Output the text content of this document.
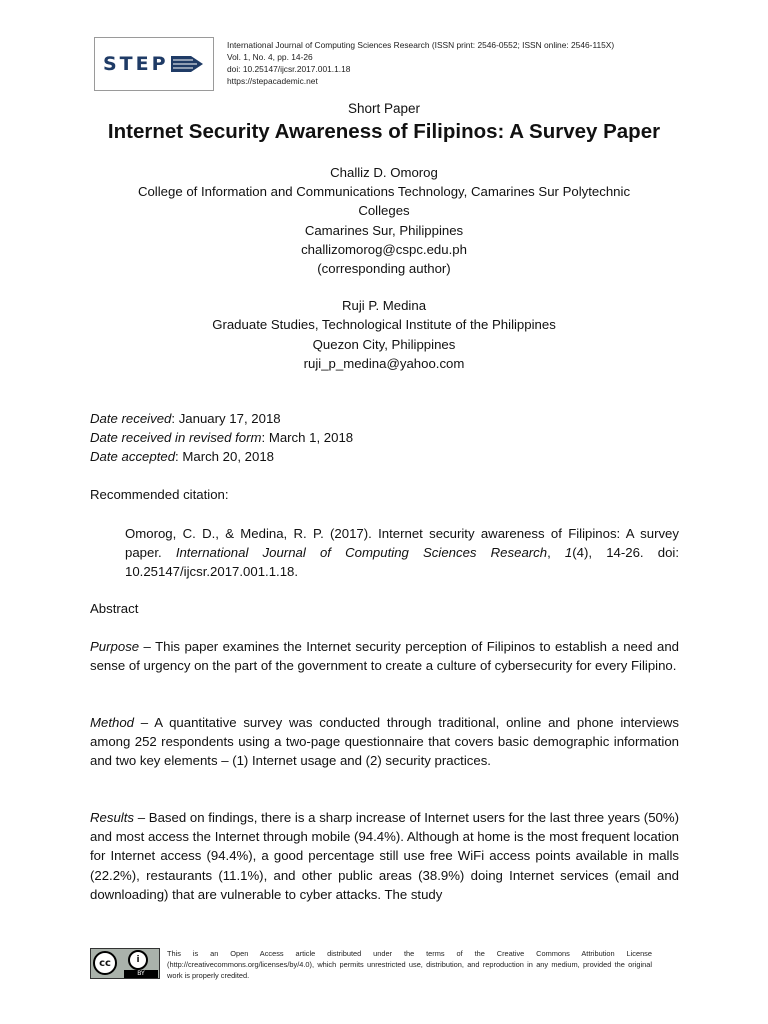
STEP
International Journal of Computing Sciences Research (ISSN print: 2546-0552; ISSN online: 2546-115X)
Vol. 1, No. 4, pp. 14-26
doi: 10.25147/ijcsr.2017.001.1.18
https://stepacademic.net
Short Paper
Internet Security Awareness of Filipinos: A Survey Paper
Challiz D. Omorog
College of Information and Communications Technology, Camarines Sur Polytechnic
Colleges
Camarines Sur, Philippines
challizomorog@cspc.edu.ph
(corresponding author)
Ruji P. Medina
Graduate Studies, Technological Institute of the Philippines
Quezon City, Philippines
ruji_p_medina@yahoo.com
Date received: January 17, 2018
Date received in revised form: March 1, 2018
Date accepted: March 20, 2018
Recommended citation:
Omorog, C. D., & Medina, R. P. (2017). Internet security awareness of Filipinos: A survey paper. International Journal of Computing Sciences Research, 1(4), 14-26. doi: 10.25147/ijcsr.2017.001.1.18.
Abstract
Purpose – This paper examines the Internet security perception of Filipinos to establish a need and sense of urgency on the part of the government to create a culture of cybersecurity for every Filipino.
Method – A quantitative survey was conducted through traditional, online and phone interviews among 252 respondents using a two-page questionnaire that covers basic demographic information and two key elements – (1) Internet usage and (2) security practices.
Results – Based on findings, there is a sharp increase of Internet users for the last three years (50%) and most access the Internet through mobile (94.4%). Although at home is the most frequent location for Internet access (94.4%), a good percentage still use free WiFi access points available in malls (22.2%), restaurants (11.1%), and other public areas (38.9%) doing Internet services (email and downloading) that are vulnerable to cyber attacks. The study
cc	i
BY
This is an Open Access article distributed under the terms of the Creative Commons Attribution License (http://creativecommons.org/licenses/by/4.0), which permits unrestricted use, distribution, and reproduction in any medium, provided the original work is properly credited.
